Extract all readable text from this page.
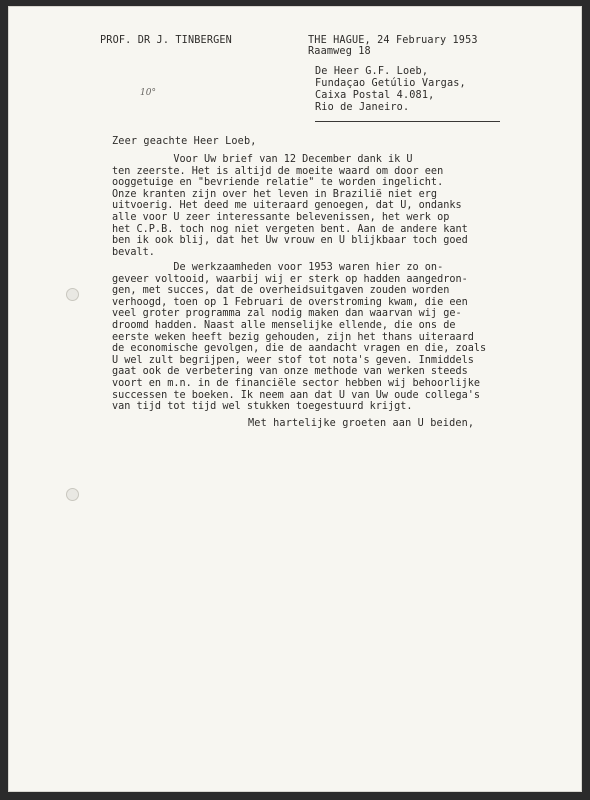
PROF. DR J. TINBERGEN	THE HAGUE, 24 February 1953
Raamweg 18
De Heer G.F. Loeb,
Fundaçao Getúlio Vargas,
Caixa Postal 4.081,
Rio de Janeiro.
10°
Zeer geachte Heer Loeb,
Voor Uw brief van 12 December dank ik U
ten zeerste. Het is altijd de moeite waard om door een
ooggetuige en "bevriende relatie" te worden ingelicht.
Onze kranten zijn over het leven in Brazilië niet erg
uitvoerig. Het deed me uiteraard genoegen, dat U, ondanks
alle voor U zeer interessante belevenissen, het werk op
het C.P.B. toch nog niet vergeten bent. Aan de andere kant
ben ik ook blij, dat het Uw vrouw en U blijkbaar toch goed
bevalt.
De werkzaamheden voor 1953 waren hier zo on-
geveer voltooid, waarbij wij er sterk op hadden aangedron-
gen, met succes, dat de overheidsuitgaven zouden worden
verhoogd, toen op 1 Februari de overstroming kwam, die een
veel groter programma zal nodig maken dan waarvan wij ge-
droomd hadden. Naast alle menselijke ellende, die ons de
eerste weken heeft bezig gehouden, zijn het thans uiteraard
de economische gevolgen, die de aandacht vragen en die, zoals
U wel zult begrijpen, weer stof tot nota's geven. Inmiddels
gaat ook de verbetering van onze methode van werken steeds
voort en m.n. in de financiële sector hebben wij behoorlijke
successen te boeken. Ik neem aan dat U van Uw oude collega's
van tijd tot tijd wel stukken toegestuurd krijgt.
Met hartelijke groeten aan U beiden,
